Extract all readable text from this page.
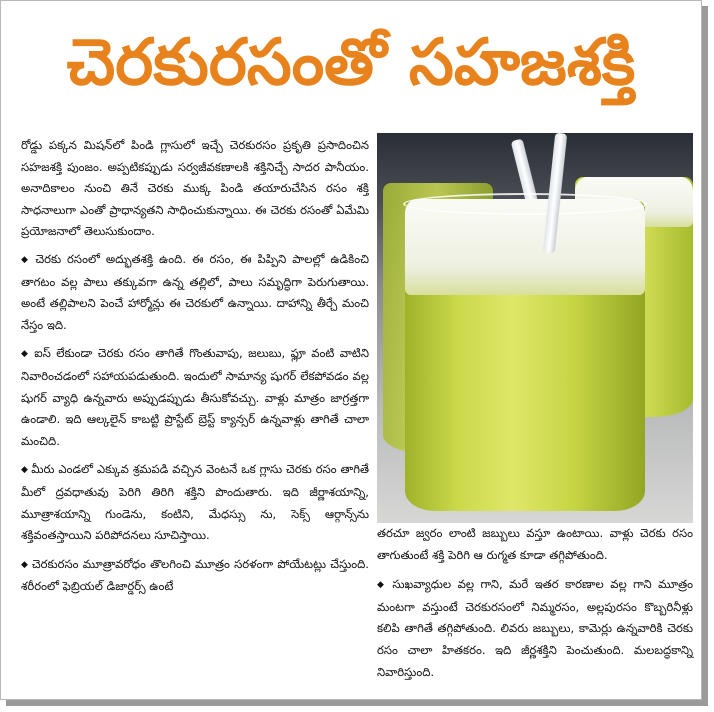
చెరకురసంతో సహజశక్తి

రోడ్డు పక్కన మిషన్‌లో పిండి గ్లాసులో ఇచ్చే చెరకురసం ప్రకృతి ప్రసాదించిన సహజశక్తి పుంజం. అప్పటికప్పుడు సర్వజీవకణాలకి శక్తినిచ్చే సాదర పానీయం. అనాదికాలం నుంచి తినే చెరకు ముక్క పిండి తయారుచేసిన రసం శక్తి సాధనాలుగా ఎంతో ప్రాధాన్యతని సాధించుకున్నాయి. ఈ చెరకు రసంతో ఏమేమి ప్రయోజనాలో తెలుసుకుందాం.

◆ చెరకు రసంలో అద్భుతశక్తి ఉంది. ఈ రసం, ఈ పిప్పిని పాలల్లో ఉడికించి తాగటం వల్ల పాలు తక్కువగా ఉన్న తల్లిలో, పాలు సమృద్ధిగా పెరుగుతాయి. అంటే తల్లిపాలని పెంచే హార్మోన్లు ఈ చెరకులో ఉన్నాయి. దాహాన్ని తీర్చే మంచి నేస్తం ఇది.

◆ ఐస్ లేకుండా చెరకు రసం తాగితే గొంతువాపు, జలుబు, ఫ్లూ వంటి వాటిని నివారించడంలో సహాయపడుతుంది. ఇందులో సామాన్య షుగర్ లేకపోవడం వల్ల షుగర్ వ్యాధి ఉన్నవారు అప్పుడప్పుడు తీసుకోవచ్చు. వాళ్లు మాత్రం జాగ్రత్తగా ఉండాలి. ఇది ఆల్కలైన్ కాబట్టి ప్రొస్టేట్ బ్రెస్ట్ క్యాన్సర్ ఉన్నవాళ్లు తాగితే చాలా మంచిది.

◆ మీరు ఎండలో ఎక్కువ శ్రమపడి వచ్చిన వెంటనే ఒక గ్లాసు చెరకు రసం తాగితే మీలో ద్రవధాతువు పెరిగి తిరిగి శక్తిని పొందుతారు. ఇది జీర్ణాశయాన్ని, మూత్రాశయాన్ని గుండెను, కంటిని, మేధస్సు ను, సెక్స్ ఆర్గాన్స్‌ను శక్తివంతస్తాయిని పరిపోదనలు సూచిస్తాయి.

◆ చెరకురసం మూత్రావరోధం తొలగించి మూత్రం సరళంగా పోయేటట్లు చేస్తుంది. శరీరంలో ఫెబ్రియల్ డిజార్డర్స్ ఉంటే

తరచూ జ్వరం లాంటి జబ్బులు వస్తూ ఉంటాయి. వాళ్లు చెరకు రసం తాగుతుంటే శక్తి పెరిగి ఆ రుగ్మత కూడా తగ్గిపోతుంది.

◆ సుఖవ్యాధుల వల్ల గాని, మరే ఇతర కారణాల వల్ల గాని మూత్రం మంటగా వస్తుంటే చెరకురసంలో నిమ్మరసం, అల్లపురసం కొబ్బరినీళ్లు కలిపి తాగితే తగ్గిపోతుంది. లివరు జబ్బులు, కామెర్లు ఉన్నవారికి చెరకు రసం చాలా హితకరం. ఇది జీర్ణశక్తిని పెంచుతుంది. మలబద్ధకాన్ని నివారిస్తుంది.
